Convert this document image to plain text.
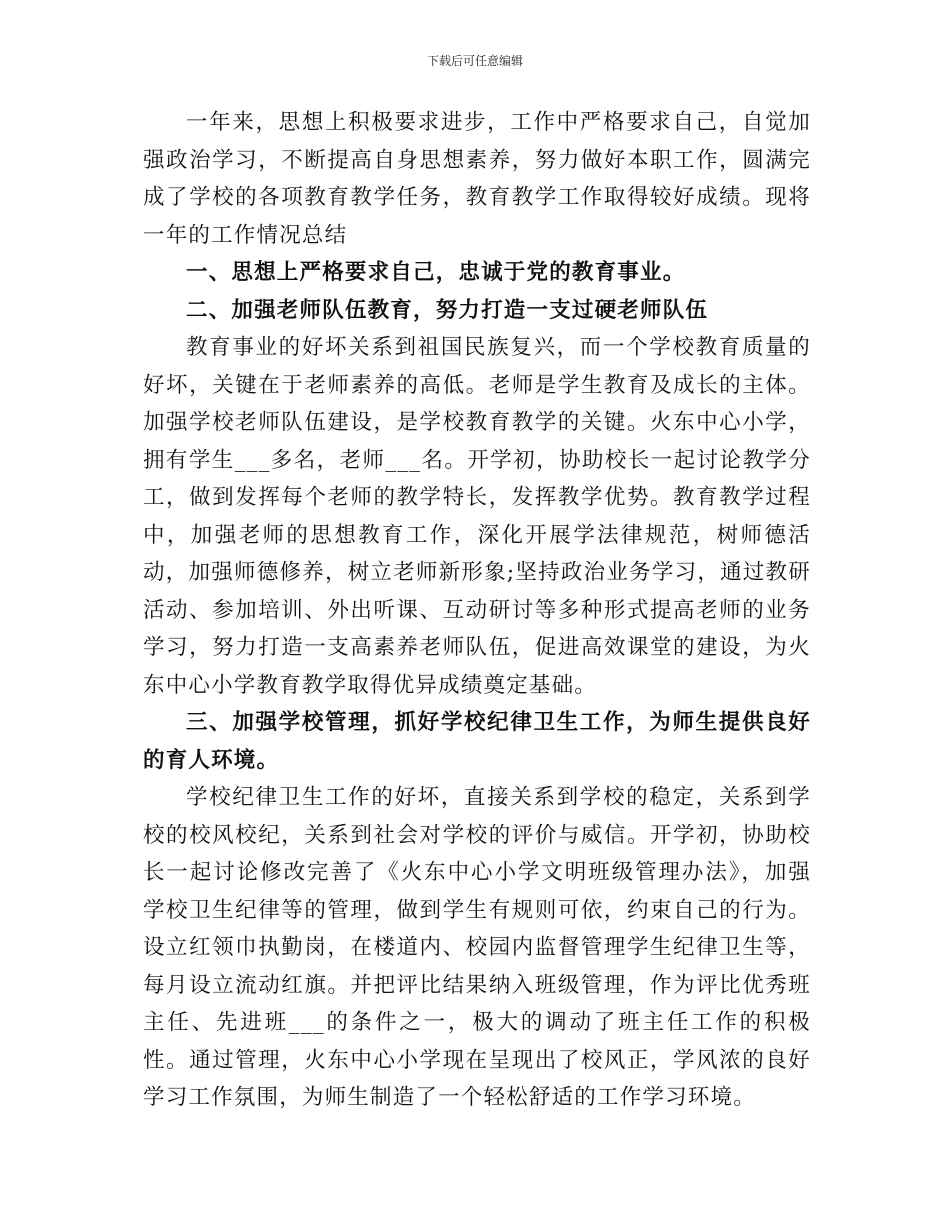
下载后可任意编辑

一年来，思想上积极要求进步，工作中严格要求自己，自觉加强政治学习，不断提高自身思想素养，努力做好本职工作，圆满完成了学校的各项教育教学任务，教育教学工作取得较好成绩。现将一年的工作情况总结

一、思想上严格要求自己，忠诚于党的教育事业。

二、加强老师队伍教育，努力打造一支过硬老师队伍

教育事业的好坏关系到祖国民族复兴，而一个学校教育质量的好坏，关键在于老师素养的高低。老师是学生教育及成长的主体。加强学校老师队伍建设，是学校教育教学的关键。火东中心小学，拥有学生___多名，老师___名。开学初，协助校长一起讨论教学分工，做到发挥每个老师的教学特长，发挥教学优势。教育教学过程中，加强老师的思想教育工作，深化开展学法律规范，树师德活动，加强师德修养，树立老师新形象;坚持政治业务学习，通过教研活动、参加培训、外出听课、互动研讨等多种形式提高老师的业务学习，努力打造一支高素养老师队伍，促进高效课堂的建设，为火东中心小学教育教学取得优异成绩奠定基础。

三、加强学校管理，抓好学校纪律卫生工作，为师生提供良好的育人环境。

学校纪律卫生工作的好坏，直接关系到学校的稳定，关系到学校的校风校纪，关系到社会对学校的评价与威信。开学初，协助校长一起讨论修改完善了《火东中心小学文明班级管理办法》，加强学校卫生纪律等的管理，做到学生有规则可依，约束自己的行为。设立红领巾执勤岗，在楼道内、校园内监督管理学生纪律卫生等，每月设立流动红旗。并把评比结果纳入班级管理，作为评比优秀班主任、先进班___的条件之一，极大的调动了班主任工作的积极性。通过管理，火东中心小学现在呈现出了校风正，学风浓的良好学习工作氛围，为师生制造了一个轻松舒适的工作学习环境。
